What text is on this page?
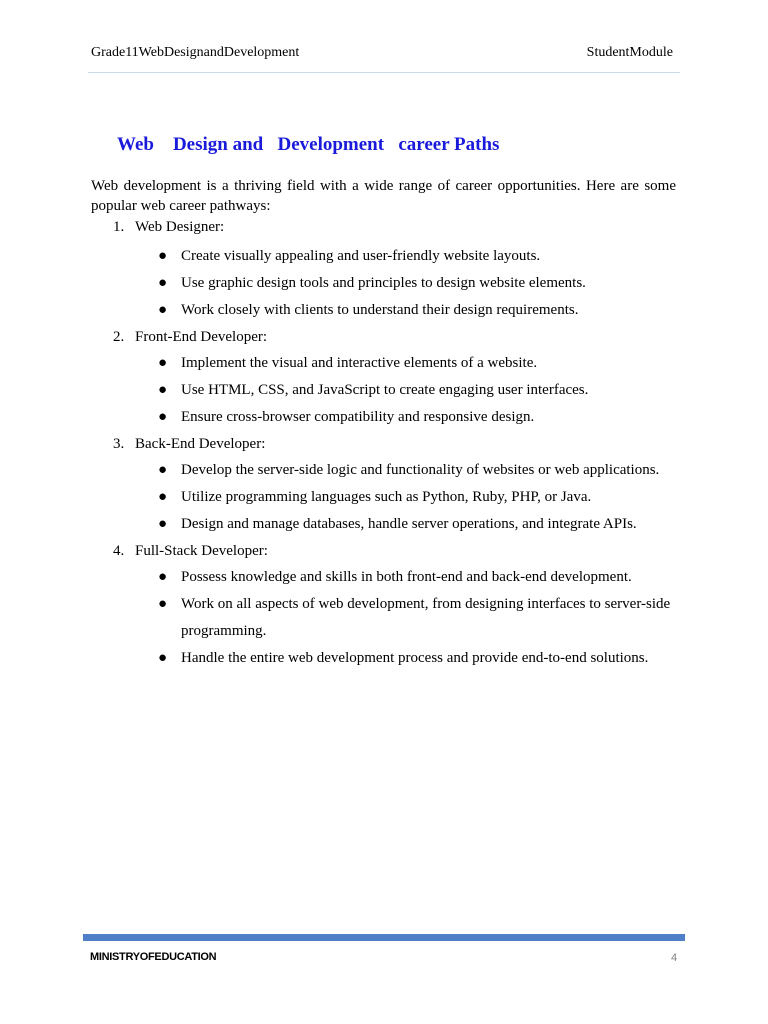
Grade11WebDesignandDevelopment	StudentModule
Web    Design and   Development   career Paths

Web development is a thriving field with a wide range of career opportunities. Here are some popular web career pathways:

1. Web Designer:
● Create visually appealing and user-friendly website layouts.
● Use graphic design tools and principles to design website elements.
● Work closely with clients to understand their design requirements.
2. Front-End Developer:
● Implement the visual and interactive elements of a website.
● Use HTML, CSS, and JavaScript to create engaging user interfaces.
● Ensure cross-browser compatibility and responsive design.
3. Back-End Developer:
● Develop the server-side logic and functionality of websites or web applications.
● Utilize programming languages such as Python, Ruby, PHP, or Java.
● Design and manage databases, handle server operations, and integrate APIs.
4. Full-Stack Developer:
● Possess knowledge and skills in both front-end and back-end development.
● Work on all aspects of web development, from designing interfaces to server-side programming.
● Handle the entire web development process and provide end-to-end solutions.
MINISTRYOFEDUCATION	4
